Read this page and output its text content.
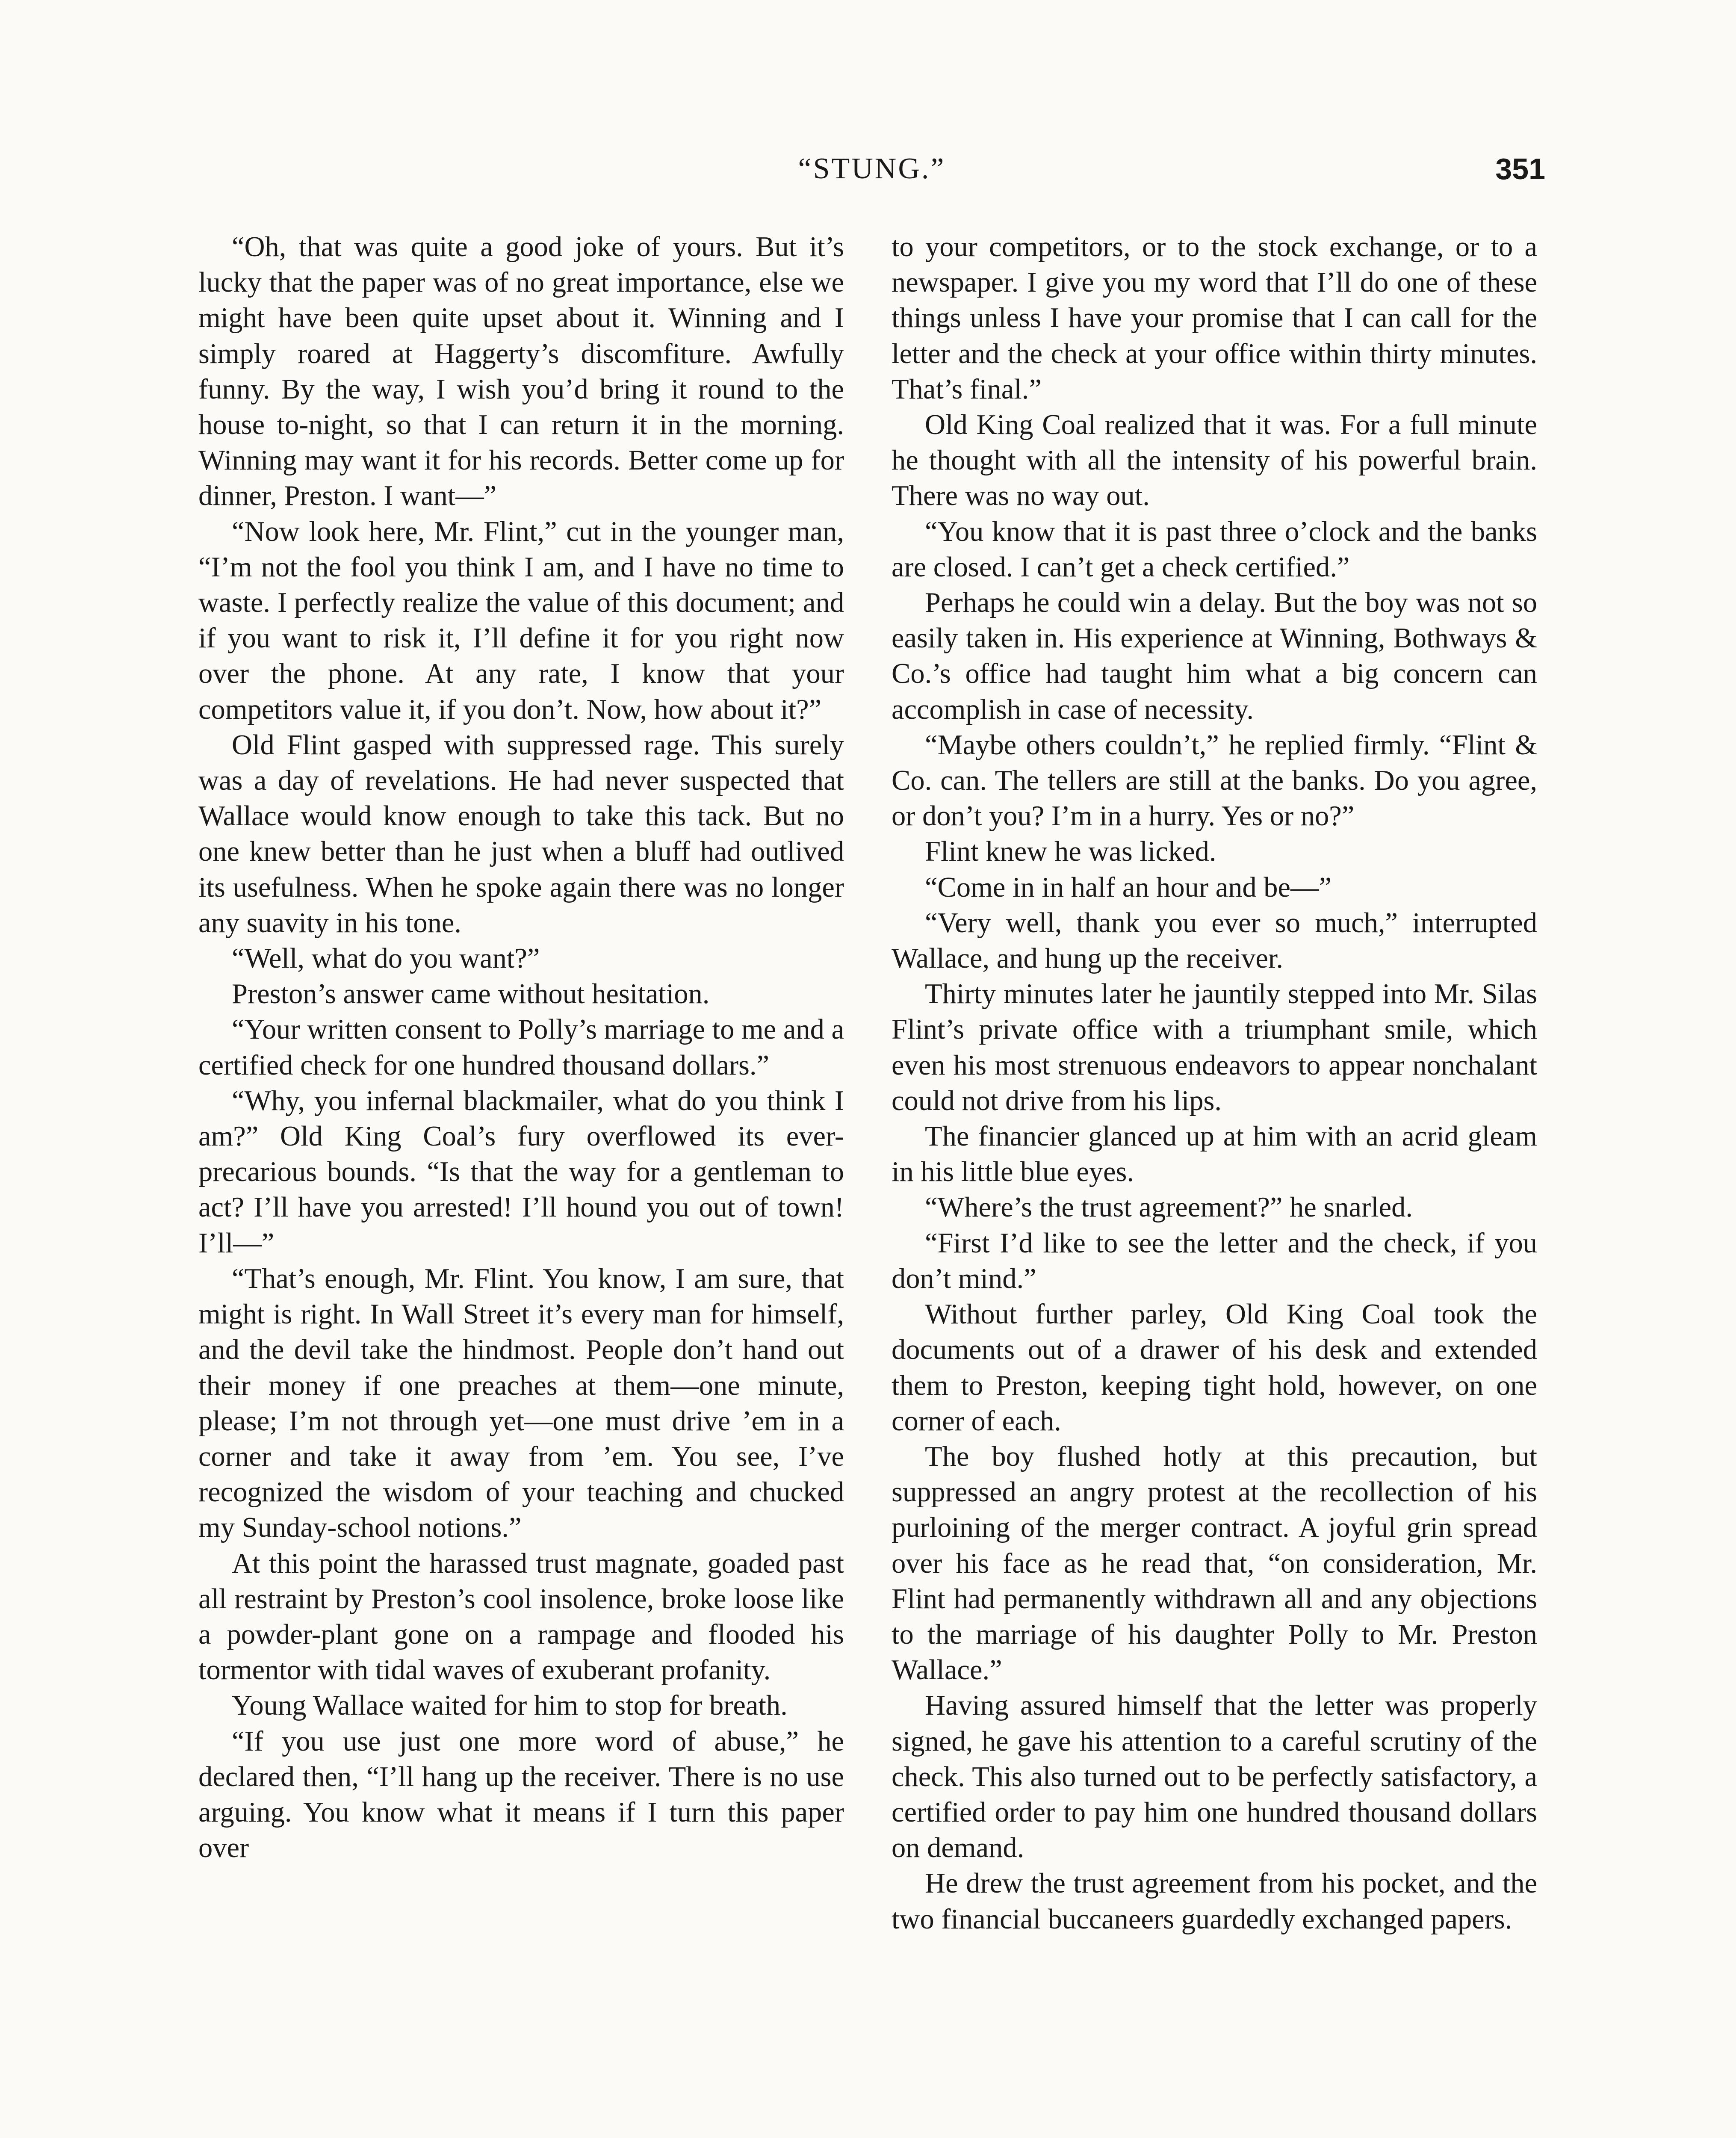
“STUNG.”	351

“Oh, that was quite a good joke of yours. But it’s lucky that the paper was of no great importance, else we might have been quite upset about it. Winning and I simply roared at Haggerty’s discomfiture. Awfully funny. By the way, I wish you’d bring it round to the house to-night, so that I can return it in the morning. Winning may want it for his records. Better come up for dinner, Preston. I want—”

“Now look here, Mr. Flint,” cut in the younger man, “I’m not the fool you think I am, and I have no time to waste. I perfectly realize the value of this document; and if you want to risk it, I’ll define it for you right now over the phone. At any rate, I know that your competitors value it, if you don’t. Now, how about it?”

Old Flint gasped with suppressed rage. This surely was a day of revelations. He had never suspected that Wallace would know enough to take this tack. But no one knew better than he just when a bluff had outlived its usefulness. When he spoke again there was no longer any suavity in his tone.

“Well, what do you want?”

Preston’s answer came without hesitation.

“Your written consent to Polly’s marriage to me and a certified check for one hundred thousand dollars.”

“Why, you infernal blackmailer, what do you think I am?” Old King Coal’s fury overflowed its ever-precarious bounds. “Is that the way for a gentleman to act? I’ll have you arrested! I’ll hound you out of town! I’ll—”

“That’s enough, Mr. Flint. You know, I am sure, that might is right. In Wall Street it’s every man for himself, and the devil take the hindmost. People don’t hand out their money if one preaches at them—one minute, please; I’m not through yet—one must drive ’em in a corner and take it away from ’em. You see, I’ve recognized the wisdom of your teaching and chucked my Sunday-school notions.”

At this point the harassed trust magnate, goaded past all restraint by Preston’s cool insolence, broke loose like a powder-plant gone on a rampage and flooded his tormentor with tidal waves of exuberant profanity.

Young Wallace waited for him to stop for breath.

“If you use just one more word of abuse,” he declared then, “I’ll hang up the receiver. There is no use arguing. You know what it means if I turn this paper over

to your competitors, or to the stock exchange, or to a newspaper. I give you my word that I’ll do one of these things unless I have your promise that I can call for the letter and the check at your office within thirty minutes. That’s final.”

Old King Coal realized that it was. For a full minute he thought with all the intensity of his powerful brain. There was no way out.

“You know that it is past three o’clock and the banks are closed. I can’t get a check certified.”

Perhaps he could win a delay. But the boy was not so easily taken in. His experience at Winning, Bothways & Co.’s office had taught him what a big concern can accomplish in case of necessity.

“Maybe others couldn’t,” he replied firmly. “Flint & Co. can. The tellers are still at the banks. Do you agree, or don’t you? I’m in a hurry. Yes or no?”

Flint knew he was licked.

“Come in in half an hour and be—”

“Very well, thank you ever so much,” interrupted Wallace, and hung up the receiver.

Thirty minutes later he jauntily stepped into Mr. Silas Flint’s private office with a triumphant smile, which even his most strenuous endeavors to appear nonchalant could not drive from his lips.

The financier glanced up at him with an acrid gleam in his little blue eyes.

“Where’s the trust agreement?” he snarled.

“First I’d like to see the letter and the check, if you don’t mind.”

Without further parley, Old King Coal took the documents out of a drawer of his desk and extended them to Preston, keeping tight hold, however, on one corner of each.

The boy flushed hotly at this precaution, but suppressed an angry protest at the recollection of his purloining of the merger contract. A joyful grin spread over his face as he read that, “on consideration, Mr. Flint had permanently withdrawn all and any objections to the marriage of his daughter Polly to Mr. Preston Wallace.”

Having assured himself that the letter was properly signed, he gave his attention to a careful scrutiny of the check. This also turned out to be perfectly satisfactory, a certified order to pay him one hundred thousand dollars on demand.

He drew the trust agreement from his pocket, and the two financial buccaneers guardedly exchanged papers.
